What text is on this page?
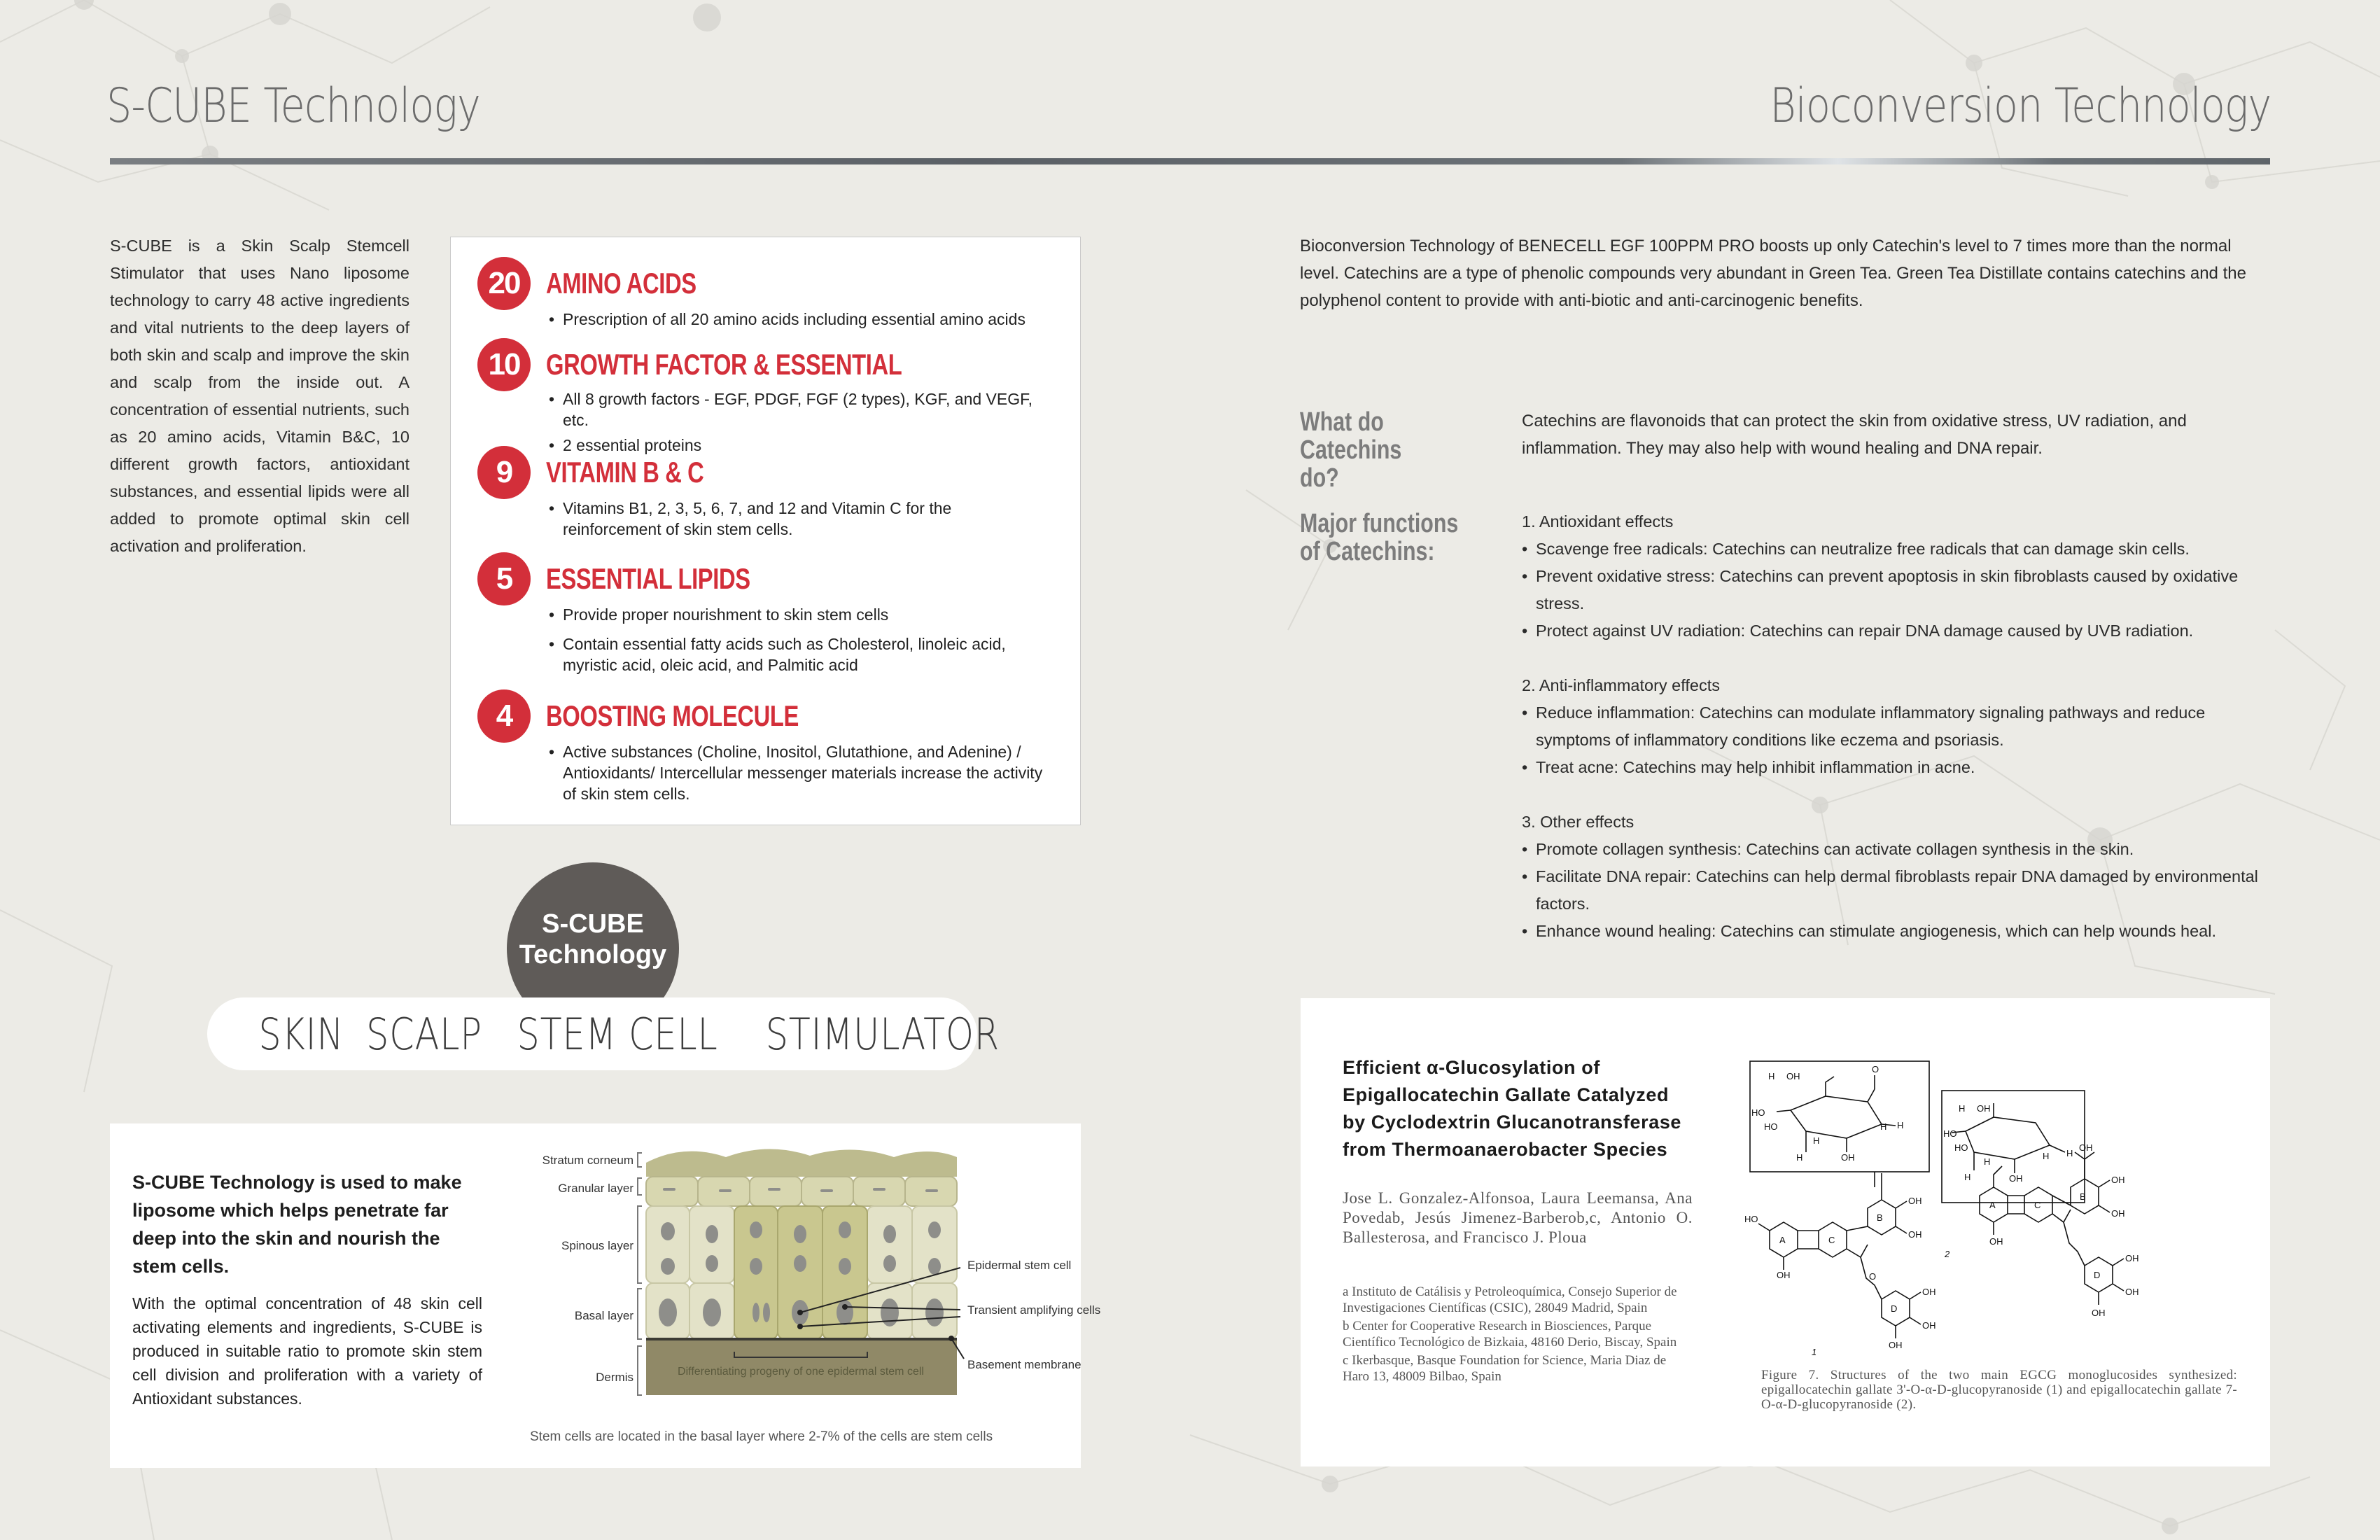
S-CUBE Technology	Bioconversion Technology

S-CUBE is a Skin Scalp Stemcell Stimulator that uses Nano liposome technology to carry 48 active ingredients and vital nutrients to the deep layers of both skin and scalp and improve the skin and scalp from the inside out. A concentration of essential nutrients, such as 20 amino acids, Vitamin B&C, 10 different growth factors, antioxidant substances, and essential lipids were all added to promote optimal skin cell activation and proliferation.

20 AMINO ACIDS
• Prescription of all 20 amino acids including essential amino acids
10 GROWTH FACTOR & ESSENTIAL
• All 8 growth factors - EGF, PDGF, FGF (2 types), KGF, and VEGF, etc.
• 2 essential proteins
9	VITAMIN B & C
• Vitamins B1, 2, 3, 5, 6, 7, and 12 and Vitamin C for the reinforcement of skin stem cells.
5	ESSENTIAL LIPIDS
• Provide proper nourishment to skin stem cells
• Contain essential fatty acids such as Cholesterol, linoleic acid, myristic acid, oleic acid, and Palmitic acid
4	BOOSTING MOLECULE
• Active substances (Choline, Inositol, Glutathione, and Adenine) / Antioxidants/ Intercellular messenger materials increase the activity of skin stem cells.
S-CUBE
Technology
SKIN SCALP STEM CELL STIMULATOR
S-CUBE Technology is used to make liposome which helps penetrate far deep into the skin and nourish the stem cells.
With the optimal concentration of 48 skin cell activating elements and ingredients, S-CUBE is produced in suitable ratio to promote skin stem cell division and proliferation with a variety of Antioxidant substances.
Stratum corneum
Granular layer
Spinous layer
Basal layer
Dermis	Differentiating progeny of one epidermal stem cell
Epidermal stem cell
Transient amplifying cells
Basement membrane
Stem cells are located in the basal layer where 2-7% of the cells are stem cells

Bioconversion Technology of BENECELL EGF 100PPM PRO boosts up only Catechin's level to 7 times more than the normal level. Catechins are a type of phenolic compounds very abundant in Green Tea. Green Tea Distillate contains catechins and the polyphenol content to provide with anti-biotic and anti-carcinogenic benefits.

What do Catechins do?

Catechins are flavonoids that can protect the skin from oxidative stress, UV radiation, and inflammation. They may also help with wound healing and DNA repair.

Major functions of Catechins:
1. Antioxidant effects
• Scavenge free radicals: Catechins can neutralize free radicals that can damage skin cells.
• Prevent oxidative stress: Catechins can prevent apoptosis in skin fibroblasts caused by oxidative stress.
• Protect against UV radiation: Catechins can repair DNA damage caused by UVB radiation.
2. Anti-inflammatory effects
• Reduce inflammation: Catechins can modulate inflammatory signaling pathways and reduce symptoms of inflammatory conditions like eczema and psoriasis.
• Treat acne: Catechins may help inhibit inflammation in acne.
3. Other effects
• Promote collagen synthesis: Catechins can activate collagen synthesis in the skin.
• Facilitate DNA repair: Catechins can help dermal fibroblasts repair DNA damaged by environmental factors.
• Enhance wound healing: Catechins can stimulate angiogenesis, which can help wounds heal.
Efficient α-Glucosylation of Epigallocatechin Gallate Catalyzed by Cyclodextrin Glucanotransferase from Thermoanaerobacter Species
Jose L. Gonzalez-Alfonsoa, Laura Leemansa, Ana Povedab, Jesús Jimenez-Barberob,c, Antonio O. Ballesterosa, and Francisco J. Ploua
a Instituto de Catálisis y Petroleoquímica, Consejo Superior de Investigaciones Científicas (CSIC), 28049 Madrid, Spain
b Center for Cooperative Research in Biosciences, Parque Científico Tecnológico de Bizkaia, 48160 Derio, Biscay, Spain
c Ikerbasque, Basque Foundation for Science, Maria Diaz de Haro 13, 48009 Bilbao, Spain
H OH
HO
HO
H
H
OH
H H
O
B
C
A
OH
OH
HO
OH
D
OH
OH
OH
O
H OH
HO
HO
H
H
OH
H H
B
C
A
OH
OH
OH
OH
D
OH
OH
OH
1
2
Figure 7. Structures of the two main EGCG monoglucosides synthesized: epigallocatechin gallate 3'-O-α-D-glucopyranoside (1) and epigallocatechin gallate 7-O-α-D-glucopyranoside (2).
